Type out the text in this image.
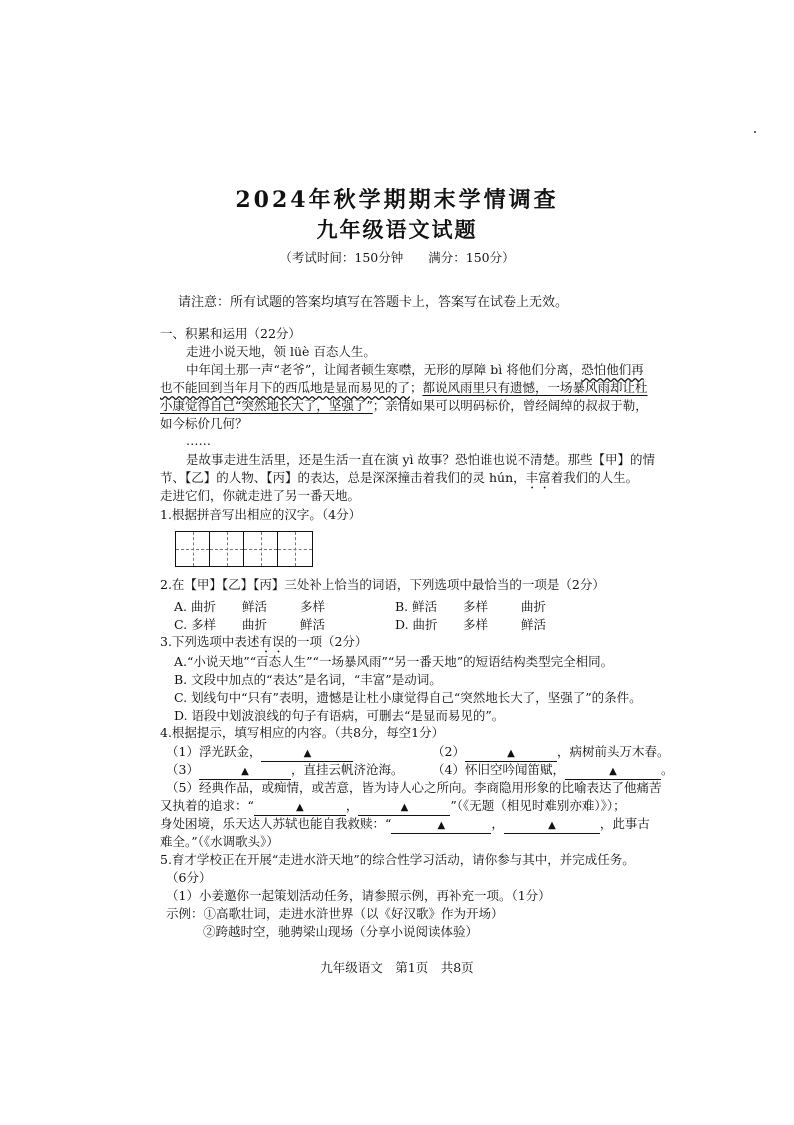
2024年秋学期期末学情调查
九年级语文试题
（考试时间：150分钟　　满分：150分）
请注意：所有试题的答案均填写在答题卡上，答案写在试卷上无效。
一、积累和运用（22分）
走进小说天地，领 lüè 百态人生。
中年闰土那一声“老爷”，让闻者顿生寒噤，无形的厚障 bì 将他们分离，恐怕他们再
也不能回到当年月下的西瓜地是显而易见的了；都说风雨里只有遗憾，一场暴风雨却让杜
小康觉得自己“突然地长大了，坚强了”；亲情如果可以明码标价，曾经阔绰的叔叔于勒，
如今标价几何？
……
是故事走进生活里，还是生活一直在演 yì 故事？恐怕谁也说不清楚。那些【甲】的情
节、【乙】的人物、【丙】的表达，总是深深撞击着我们的灵 hún，丰富着我们的人生。
走进它们，你就走进了另一番天地。
1.根据拼音写出相应的汉字。（4分）
2.在【甲】【乙】【丙】三处补上恰当的词语，下列选项中最恰当的一项是（2分）
A. 曲折 鲜活	多样	B. 鲜活 多样	曲折
C. 多样 曲折	鲜活	D. 曲折 多样	鲜活
3.下列选项中表述有误的一项（2分）
A.“小说天地”“百态人生”“一场暴风雨”“另一番天地”的短语结构类型完全相同。
B. 文段中加点的“表达”是名词，“丰富”是动词。
C. 划线句中“只有”表明，遗憾是让杜小康觉得自己“突然地长大了，坚强了”的条件。
D. 语段中划波浪线的句子有语病，可删去“是显而易见的”。
4.根据提示，填写相应的内容。（共8分，每空1分）
（1）浮光跃金，	▲	（2）	▲	，病树前头万木春。
（3）	▲	，直挂云帆济沧海。 （4）怀旧空吟闻笛赋，	▲	。
（5）经典作品，或痴情，或苦意，皆为诗人心之所向。李商隐用形象的比喻表达了他痛苦
又执着的追求：“	▲	，	▲	”（《无题（相见时难别亦难）》）；
身处困境，乐天达人苏轼也能自我救赎：“	▲	，	▲	，此事古
难全。”（《水调歌头》）
5.育才学校正在开展“走进水浒天地”的综合性学习活动，请你参与其中，并完成任务。
（6分）
（1）小姜邀你一起策划活动任务，请参照示例，再补充一项。（1分）
示例：①高歌壮词，走进水浒世界（以《好汉歌》作为开场）
②跨越时空，驰骋梁山现场（分享小说阅读体验）
九年级语文　第1页　共8页
